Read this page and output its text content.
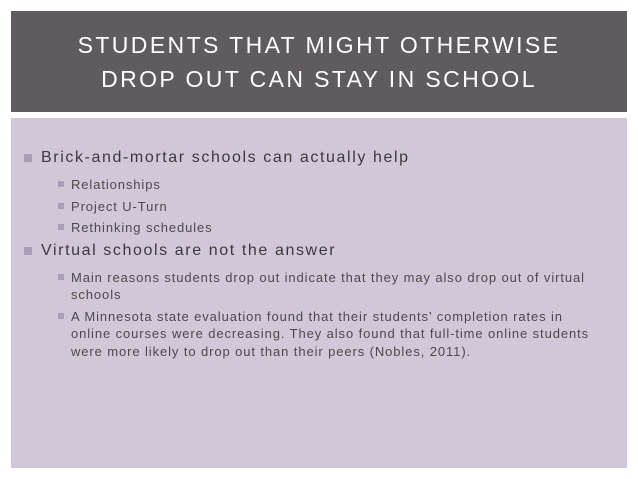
STUDENTS THAT MIGHT OTHERWISE DROP OUT CAN STAY IN SCHOOL
Brick-and-mortar schools can actually help
Relationships
Project U-Turn
Rethinking schedules
Virtual schools are not the answer
Main reasons students drop out indicate that they may also drop out of virtual schools
A Minnesota state evaluation found that their students’ completion rates in online courses were decreasing. They also found that full-time online students were more likely to drop out than their peers (Nobles, 2011).
